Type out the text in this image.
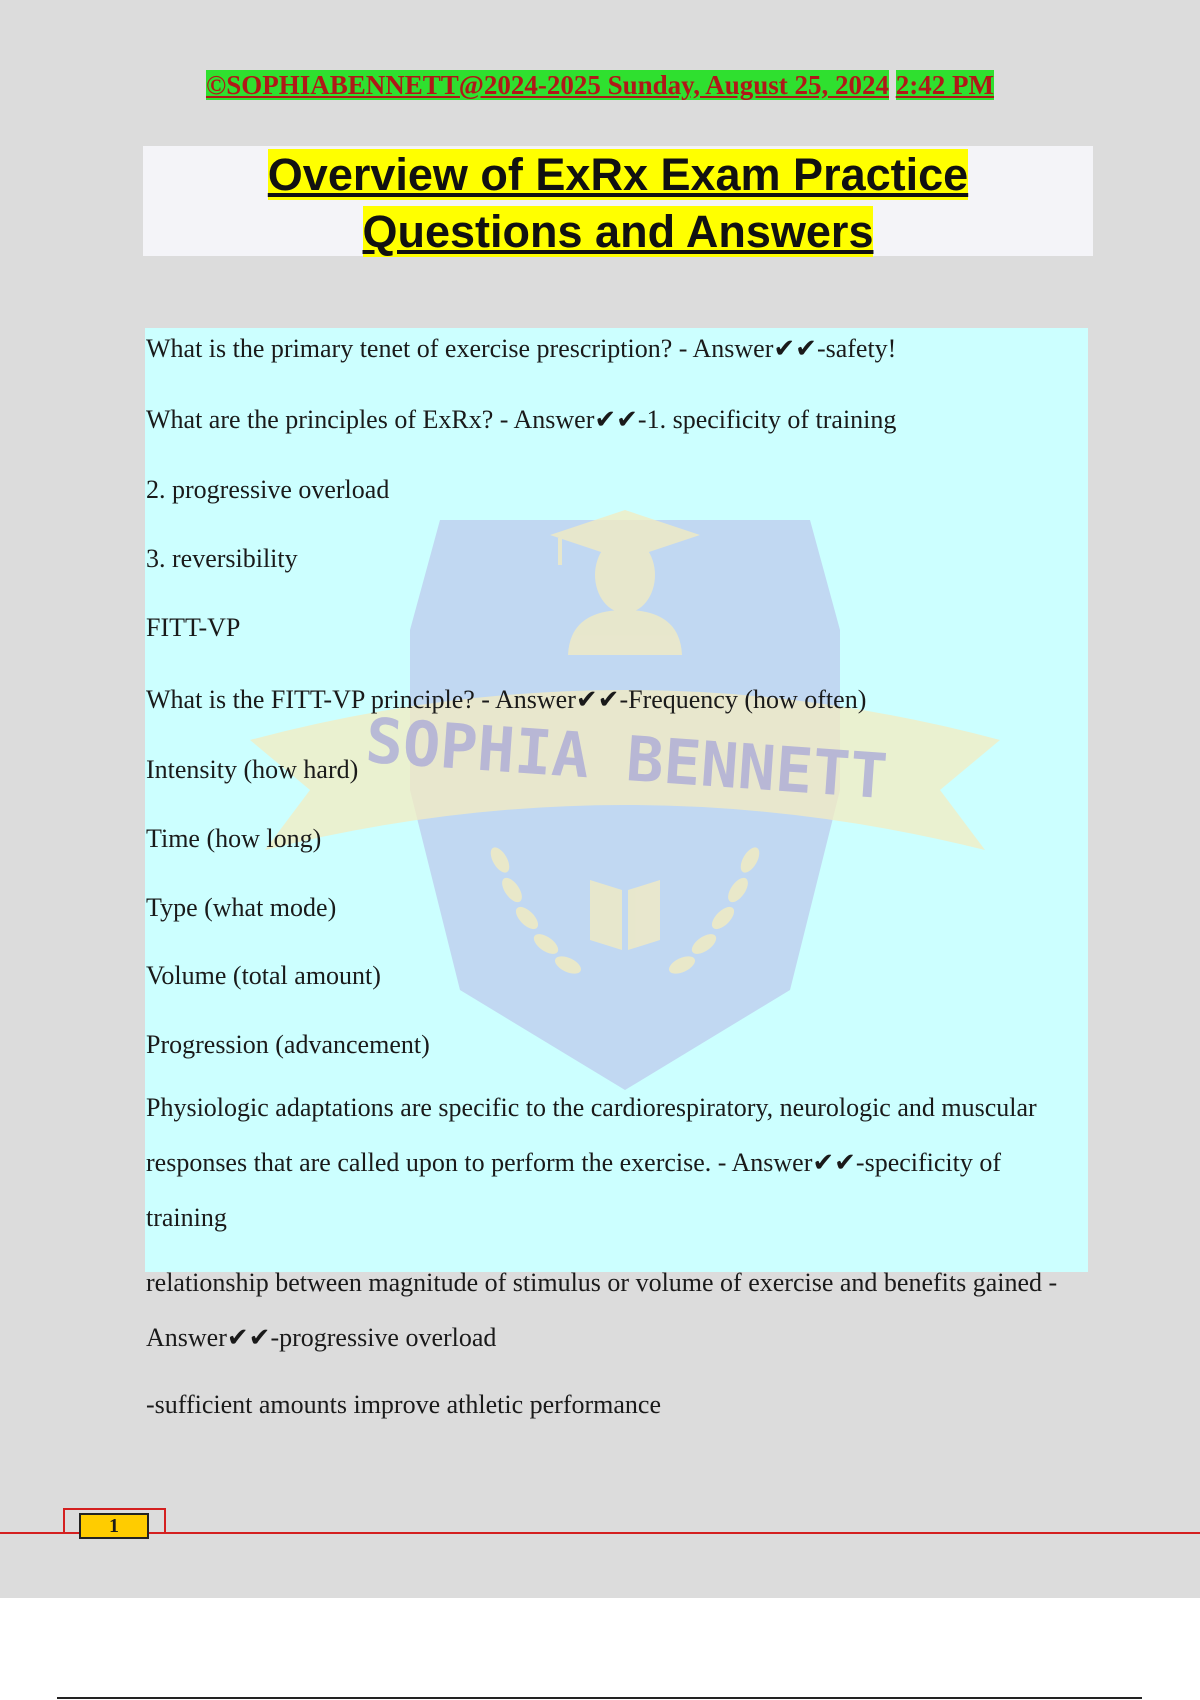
©SOPHIABENNETT@2024-2025 Sunday, August 25, 2024 2:42 PM
Overview of ExRx Exam Practice
Questions and Answers
SOPHIA BENNETT

What is the primary tenet of exercise prescription? - Answer✔✔-safety!

What are the principles of ExRx? - Answer✔✔-1. specificity of training

2. progressive overload

3. reversibility

FITT-VP

What is the FITT-VP principle? - Answer✔✔-Frequency (how often)

Intensity (how hard)

Time (how long)

Type (what mode)

Volume (total amount)

Progression (advancement)

Physiologic adaptations are specific to the cardiorespiratory, neurologic and muscular responses that are called upon to perform the exercise. - Answer✔✔-specificity of training

relationship between magnitude of stimulus or volume of exercise and benefits gained - Answer✔✔-progressive overload

-sufficient amounts improve athletic performance

1
